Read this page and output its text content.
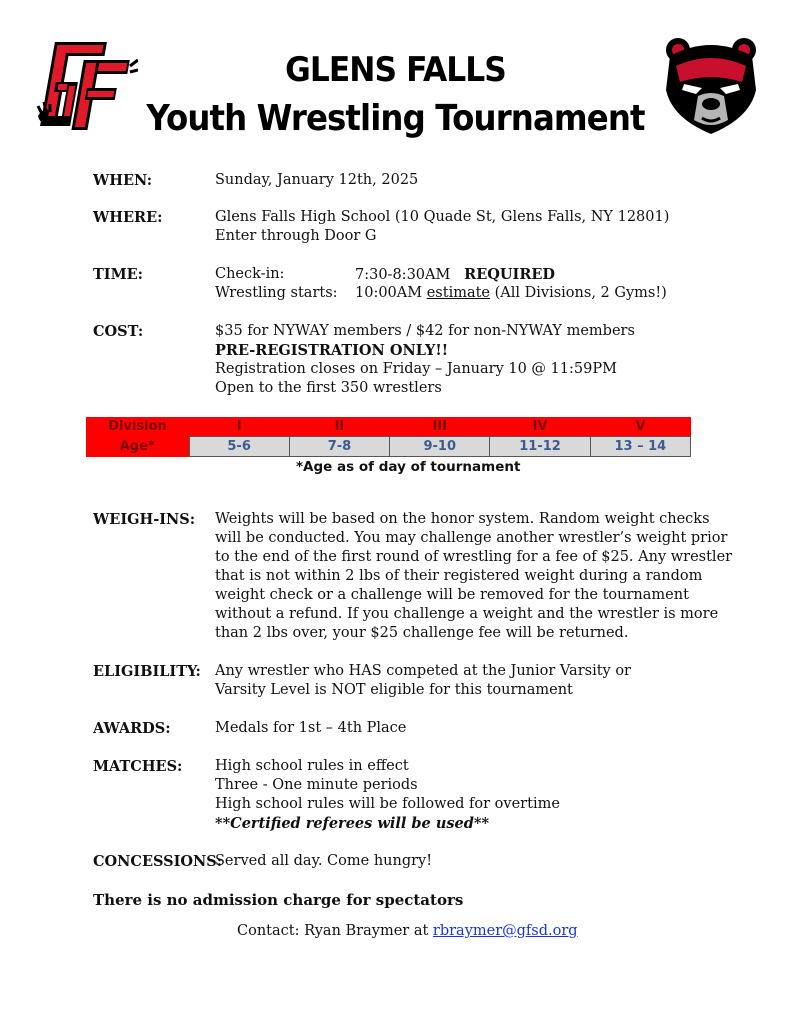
GLENS FALLS
Youth Wrestling Tournament
WHEN:	Sunday, January 12th, 2025
WHERE:	Glens Falls High School (10 Quade St, Glens Falls, NY 12801)
Enter through Door G
TIME:	Check-in:	7:30-8:30AM REQUIRED
Wrestling starts: 10:00AM estimate (All Divisions, 2 Gyms!)
COST:	$35 for NYWAY members / $42 for non-NYWAY members
PRE-REGISTRATION ONLY!!
Registration closes on Friday – January 10 @ 11:59PM
Open to the first 350 wrestlers
Division	I	II	III	IV	V
Age*	5-6	7-8	9-10	11-12	13 – 14
*Age as of day of tournament
WEIGH-INS: Weights will be based on the honor system. Random weight checks
will be conducted. You may challenge another wrestler’s weight prior
to the end of the first round of wrestling for a fee of $25. Any wrestler
that is not within 2 lbs of their registered weight during a random
weight check or a challenge will be removed for the tournament
without a refund. If you challenge a weight and the wrestler is more
than 2 lbs over, your $25 challenge fee will be returned.
ELIGIBILITY: Any wrestler who HAS competed at the Junior Varsity or
Varsity Level is NOT eligible for this tournament
AWARDS:	Medals for 1st – 4th Place
MATCHES: High school rules in effect
Three - One minute periods
High school rules will be followed for overtime
**Certified referees will be used**
CONCESSIONS:
Served all day. Come hungry!
There is no admission charge for spectators
Contact: Ryan Braymer at rbraymer@gfsd.org
